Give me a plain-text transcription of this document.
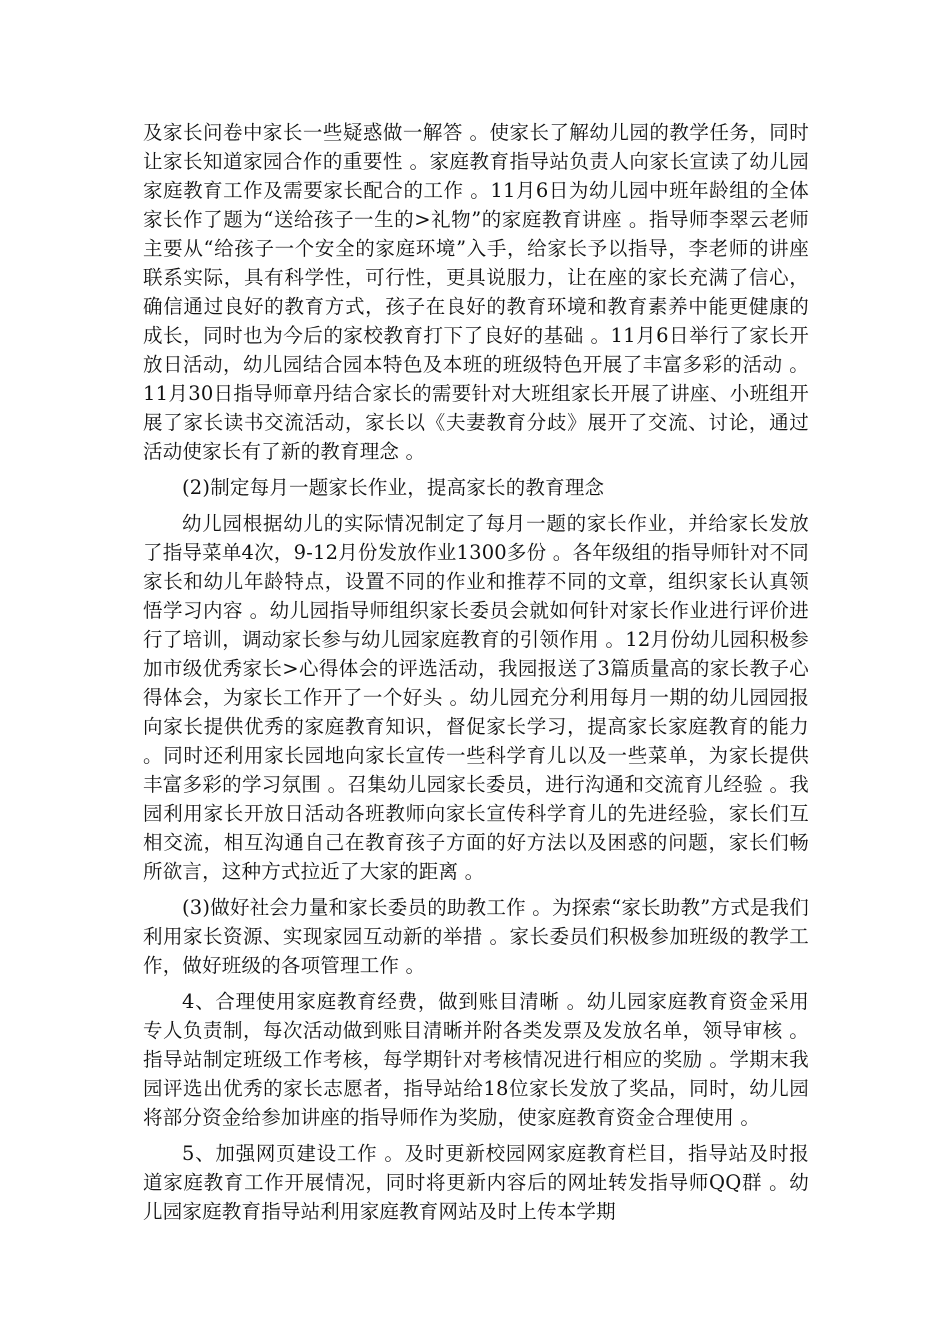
及家长问卷中家长一些疑惑做一解答 。使家长了解幼儿园的教学任务，同时让家长知道家园合作的重要性 。家庭教育指导站负责人向家长宣读了幼儿园家庭教育工作及需要家长配合的工作 。11月6日为幼儿园中班年龄组的全体家长作了题为“送给孩子一生的>礼物”的家庭教育讲座 。指导师李翠云老师主要从“给孩子一个安全的家庭环境”入手，给家长予以指导，李老师的讲座联系实际，具有科学性，可行性，更具说服力，让在座的家长充满了信心，确信通过良好的教育方式，孩子在良好的教育环境和教育素养中能更健康的成长，同时也为今后的家校教育打下了良好的基础 。11月6日举行了家长开放日活动，幼儿园结合园本特色及本班的班级特色开展了丰富多彩的活动 。11月30日指导师章丹结合家长的需要针对大班组家长开展了讲座、小班组开展了家长读书交流活动，家长以《夫妻教育分歧》展开了交流、讨论，通过活动使家长有了新的教育理念 。

(2)制定每月一题家长作业，提高家长的教育理念

幼儿园根据幼儿的实际情况制定了每月一题的家长作业，并给家长发放了指导菜单4次，9-12月份发放作业1300多份 。各年级组的指导师针对不同家长和幼儿年龄特点，设置不同的作业和推荐不同的文章，组织家长认真领悟学习内容 。幼儿园指导师组织家长委员会就如何针对家长作业进行评价进行了培训，调动家长参与幼儿园家庭教育的引领作用 。12月份幼儿园积极参加市级优秀家长>心得体会的评选活动，我园报送了3篇质量高的家长教子心得体会，为家长工作开了一个好头 。幼儿园充分利用每月一期的幼儿园园报向家长提供优秀的家庭教育知识，督促家长学习，提高家长家庭教育的能力 。同时还利用家长园地向家长宣传一些科学育儿以及一些菜单，为家长提供丰富多彩的学习氛围 。召集幼儿园家长委员，进行沟通和交流育儿经验 。我园利用家长开放日活动各班教师向家长宣传科学育儿的先进经验，家长们互相交流，相互沟通自己在教育孩子方面的好方法以及困惑的问题，家长们畅所欲言，这种方式拉近了大家的距离 。

(3)做好社会力量和家长委员的助教工作 。为探索“家长助教”方式是我们利用家长资源、实现家园互动新的举措 。家长委员们积极参加班级的教学工作，做好班级的各项管理工作 。

4、合理使用家庭教育经费，做到账目清晰 。幼儿园家庭教育资金采用专人负责制，每次活动做到账目清晰并附各类发票及发放名单，领导审核 。指导站制定班级工作考核，每学期针对考核情况进行相应的奖励 。学期末我园评选出优秀的家长志愿者，指导站给18位家长发放了奖品，同时，幼儿园将部分资金给参加讲座的指导师作为奖励，使家庭教育资金合理使用 。

5、加强网页建设工作 。及时更新校园网家庭教育栏目，指导站及时报道家庭教育工作开展情况，同时将更新内容后的网址转发指导师QQ群 。幼儿园家庭教育指导站利用家庭教育网站及时上传本学期
